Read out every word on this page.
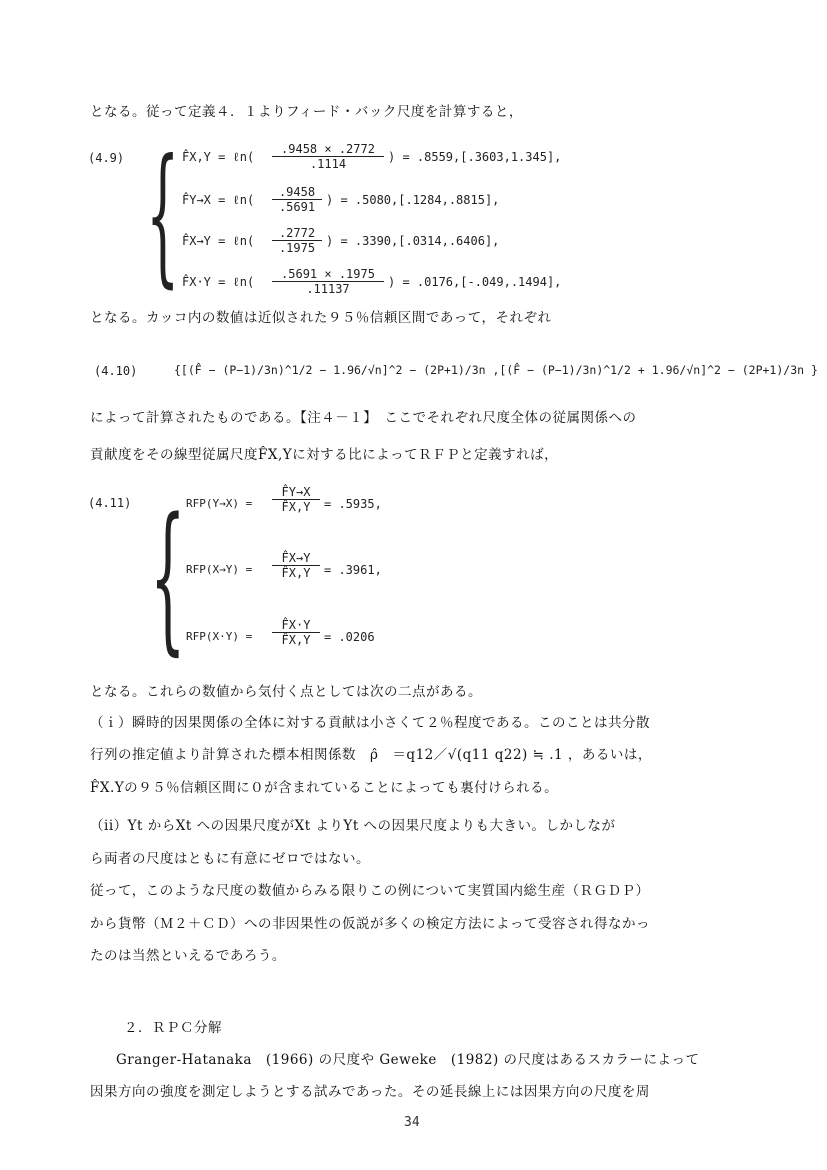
となる。従って定義４．１よりフィード・バック尺度を計算すると，
(4.9) { F̂X,Y = ℓn( $\frac{.9458 \times .2772}{.1114}$ ) = .8559,[.3603,1.345],
F̂Y→X = ℓn( $\frac{.9458}{.5691}$ ) = .5080,[.1284,.8815],
F̂X→Y = ℓn( $\frac{.2772}{.1975}$ ) = .3390,[.0314,.6406],
F̂X·Y = ℓn( $\frac{.5691 \times .1975}{.11137}$ ) = .0176,[-.049,.1494],
となる。カッコ内の数値は近似された９５％信頼区間であって，それぞれ
(4.10)	{[(F̂ − (P−1)/3n)^1/2 − 1.96/√n]^2 − (2P+1)/3n ,[(F̂ − (P−1)/3n)^1/2 + 1.96/√n]^2 − (2P+1)/3n }
によって計算されたものである。【注４－１】　ここでそれぞれ尺度全体の従属関係への
貢献度をその線型従属尺度F̂X,Yに対する比によってＲＦＰと定義すれば，
(4.11) { $RFP(Y\to X) = \frac{F̂Y\to X}{F̂X,Y} = .5935$,
$RFP(X\to Y) = \frac{F̂X\to Y}{F̂X,Y} = .3961$,
$RFP(X\cdot Y) = \frac{F̂X\cdot Y}{F̂X,Y} = .0206$
となる。これらの数値から気付く点としては次の二点がある。
（ｉ）瞬時的因果関係の全体に対する貢献は小さくて２％程度である。このことは共分散
行列の推定値より計算された標本相関係数　ρ̂　＝q12／√(q11 q22) ≒ .1 ，あるいは，
F̂X.Yの９５％信頼区間に０が含まれていることによっても裏付けられる。
（ii）Yt からXt への因果尺度がXt よりYt への因果尺度よりも大きい。しかしなが
ら両者の尺度はともに有意にゼロではない。
従って，このような尺度の数値からみる限りこの例について実質国内総生産（ＲＧＤＰ）
から貨幣（Ｍ２＋ＣＤ）への非因果性の仮説が多くの検定方法によって受容され得なかっ
たのは当然といえるであろう。
２．ＲＰＣ分解
Granger-Hatanaka　(1966) の尺度や Geweke　(1982) の尺度はあるスカラーによって
因果方向の強度を測定しようとする試みであった。その延長線上には因果方向の尺度を周
34
